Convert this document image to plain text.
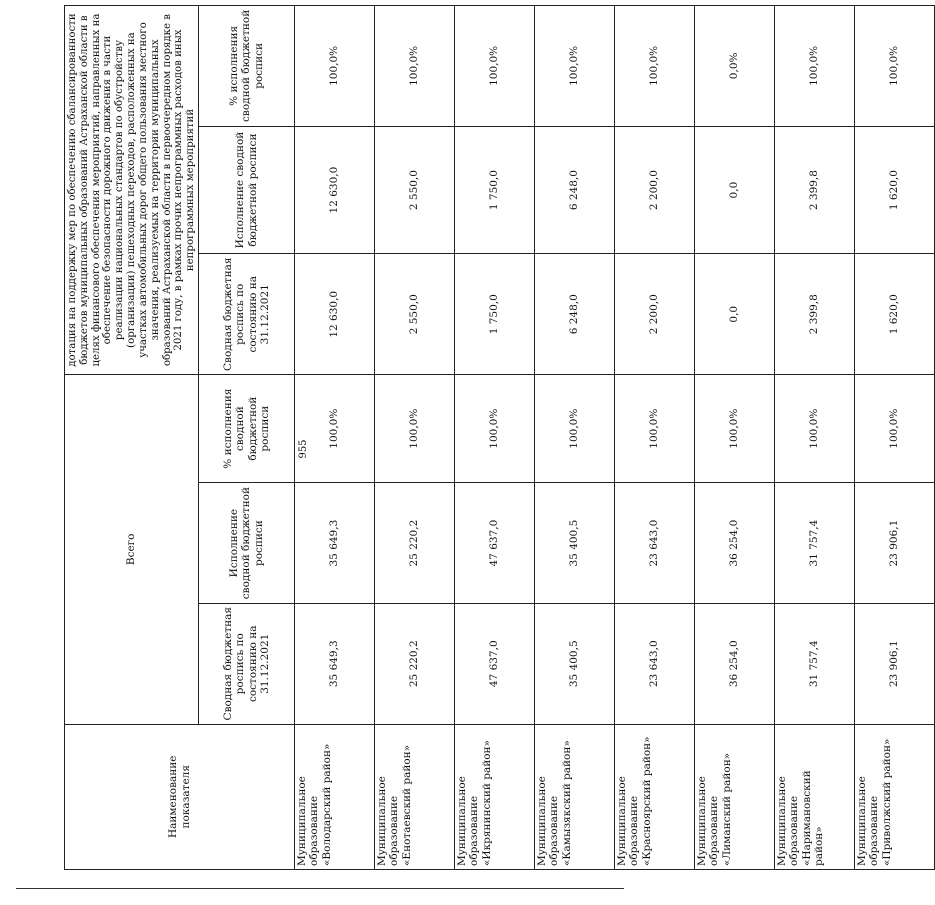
955
Наименование показателя	Всего			дотация на поддержку мер по обеспечению сбалансированности бюджетов муниципальных образований Астраханской области в целях финансового обеспечения мероприятий, направленных на обеспечение безопасности дорожного движения в части реализации национальных стандартов по обустройству (организации) пешеходных переходов, расположенных на участках автомобильных дорог общего пользования местного значения, реализуемых на территории муниципальных образований Астраханской области в первоочередном порядке в 2021 году, в рамках прочих непрограммных расходов иных непрограммных мероприятий		
	Сводная бюджетная роспись по состоянию на 31.12.2021	Исполнение сводной бюджетной росписи	% исполнения сводной бюджетной росписи	Сводная бюджетная роспись по состоянию на 31.12.2021	Исполнение сводной бюджетной росписи	% исполнения сводной бюджетной росписи
Муниципальное образование «Володарский район»	35 649,3	35 649,3	100,0%	12 630,0	12 630,0	100,0%
Муниципальное образование «Енотаевский район»	25 220,2	25 220,2	100,0%	2 550,0	2 550,0	100,0%
Муниципальное образование «Икрянинский район»	47 637,0	47 637,0	100,0%	1 750,0	1 750,0	100,0%
Муниципальное образование «Камызякский район»	35 400,5	35 400,5	100,0%	6 248,0	6 248,0	100,0%
Муниципальное образование «Красноярский район»	23 643,0	23 643,0	100,0%	2 200,0	2 200,0	100,0%
Муниципальное образование «Лиманский район»	36 254,0	36 254,0	100,0%	0,0	0,0	0,0%
Муниципальное образование «Наримановский район»	31 757,4	31 757,4	100,0%	2 399,8	2 399,8	100,0%
Муниципальное образование «Приволжский район»	23 906,1	23 906,1	100,0%	1 620,0	1 620,0	100,0%
